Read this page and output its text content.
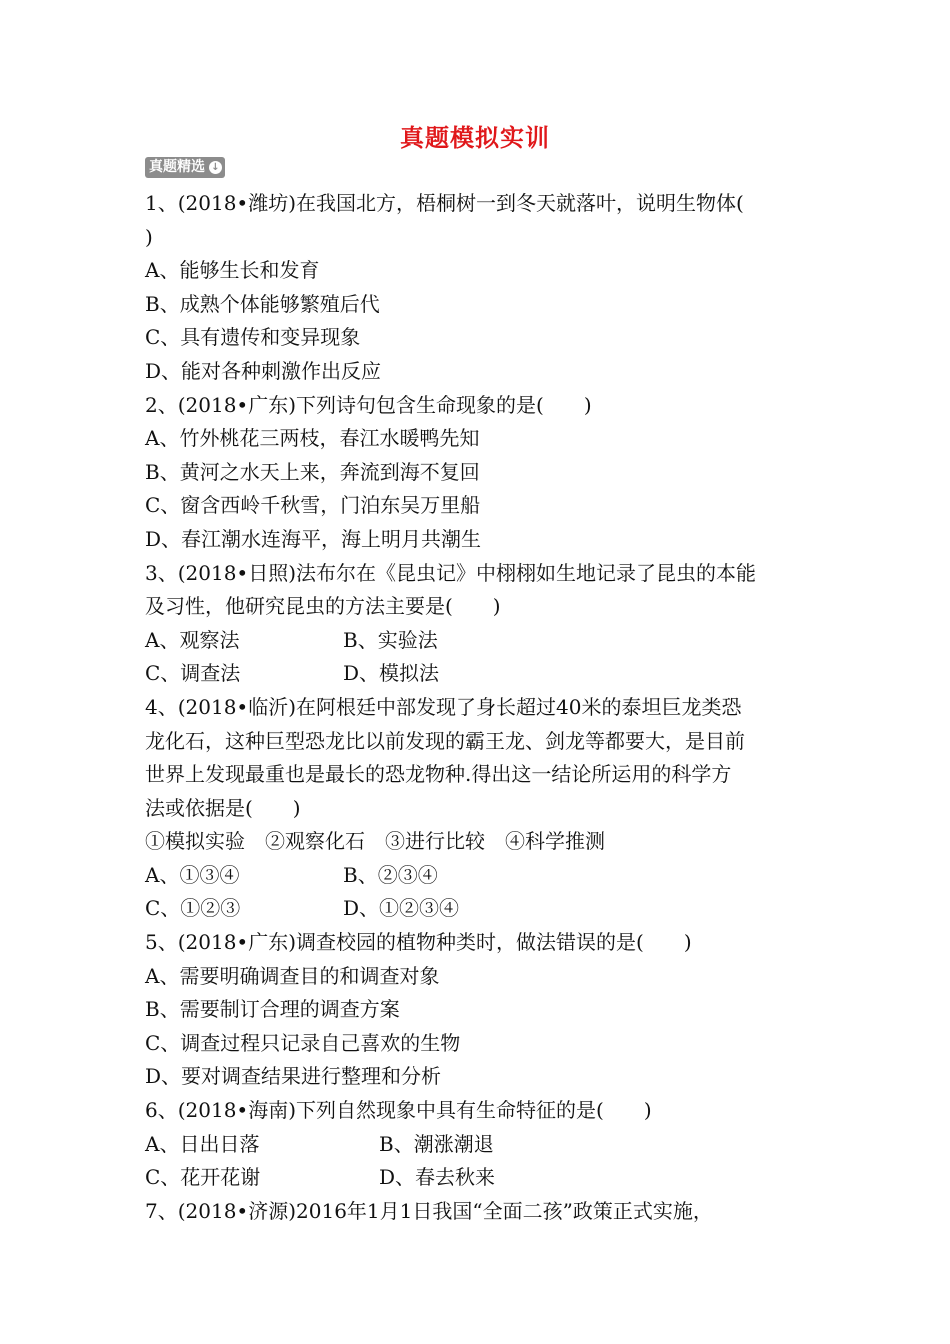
真题模拟实训
真题精选 ↓
1、(2018•潍坊)在我国北方，梧桐树一到冬天就落叶，说明生物体(
)
A、能够生长和发育
B、成熟个体能够繁殖后代
C、具有遗传和变异现象
D、能对各种刺激作出反应
2、(2018•广东)下列诗句包含生命现象的是(　　)
A、竹外桃花三两枝，春江水暖鸭先知
B、黄河之水天上来，奔流到海不复回
C、窗含西岭千秋雪，门泊东吴万里船
D、春江潮水连海平，海上明月共潮生
3、(2018•日照)法布尔在《昆虫记》中栩栩如生地记录了昆虫的本能
及习性，他研究昆虫的方法主要是(　　)
A、观察法	B、实验法
C、调查法	D、模拟法
4、(2018•临沂)在阿根廷中部发现了身长超过40米的泰坦巨龙类恐
龙化石，这种巨型恐龙比以前发现的霸王龙、剑龙等都要大，是目前
世界上发现最重也是最长的恐龙物种.得出这一结论所运用的科学方
法或依据是(　　)
①模拟实验　②观察化石　③进行比较　④科学推测
A、①③④	B、②③④
C、①②③	D、①②③④
5、(2018•广东)调查校园的植物种类时，做法错误的是(　　)
A、需要明确调查目的和调查对象
B、需要制订合理的调查方案
C、调查过程只记录自己喜欢的生物
D、要对调查结果进行整理和分析
6、(2018•海南)下列自然现象中具有生命特征的是(　　)
A、日出日落	B、潮涨潮退
C、花开花谢	D、春去秋来
7、(2018•济源)2016年1月1日我国“全面二孩”政策正式实施，
